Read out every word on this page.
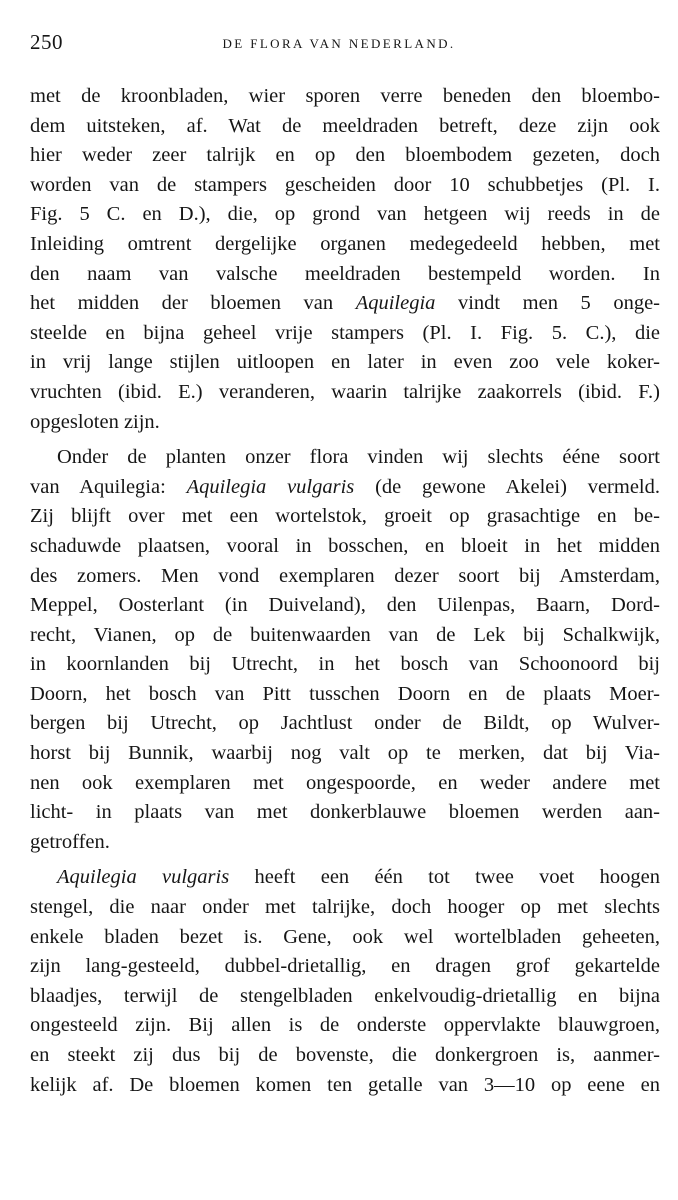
250	DE FLORA VAN NEDERLAND.
met de kroonbladen, wier sporen verre beneden den bloembo-
dem uitsteken, af. Wat de meeldraden betreft, deze zijn ook
hier weder zeer talrijk en op den bloembodem gezeten, doch
worden van de stampers gescheiden door 10 schubbetjes (Pl. I.
Fig. 5 C. en D.), die, op grond van hetgeen wij reeds in de
Inleiding omtrent dergelijke organen medegedeeld hebben, met
den naam van valsche meeldraden bestempeld worden. In
het midden der bloemen van Aquilegia vindt men 5 onge-
steelde en bijna geheel vrije stampers (Pl. I. Fig. 5. C.), die
in vrij lange stijlen uitloopen en later in even zoo vele koker-
vruchten (ibid. E.) veranderen, waarin talrijke zaakorrels (ibid. F.)
opgesloten zijn.
Onder de planten onzer flora vinden wij slechts ééne soort
van Aquilegia: Aquilegia vulgaris (de gewone Akelei) vermeld.
Zij blijft over met een wortelstok, groeit op grasachtige en be-
schaduwde plaatsen, vooral in bosschen, en bloeit in het midden
des zomers. Men vond exemplaren dezer soort bij Amsterdam,
Meppel, Oosterlant (in Duiveland), den Uilenpas, Baarn, Dord-
recht, Vianen, op de buitenwaarden van de Lek bij Schalkwijk,
in koornlanden bij Utrecht, in het bosch van Schoonoord bij
Doorn, het bosch van Pitt tusschen Doorn en de plaats Moer-
bergen bij Utrecht, op Jachtlust onder de Bildt, op Wulver-
horst bij Bunnik, waarbij nog valt op te merken, dat bij Via-
nen ook exemplaren met ongespoorde, en weder andere met
licht- in plaats van met donkerblauwe bloemen werden aan-
getroffen.
Aquilegia vulgaris heeft een één tot twee voet hoogen
stengel, die naar onder met talrijke, doch hooger op met slechts
enkele bladen bezet is. Gene, ook wel wortelbladen geheeten,
zijn lang-gesteeld, dubbel-drietallig, en dragen grof gekartelde
blaadjes, terwijl de stengelbladen enkelvoudig-drietallig en bijna
ongesteeld zijn. Bij allen is de onderste oppervlakte blauwgroen,
en steekt zij dus bij de bovenste, die donkergroen is, aanmer-
kelijk af. De bloemen komen ten getalle van 3—10 op eene en
